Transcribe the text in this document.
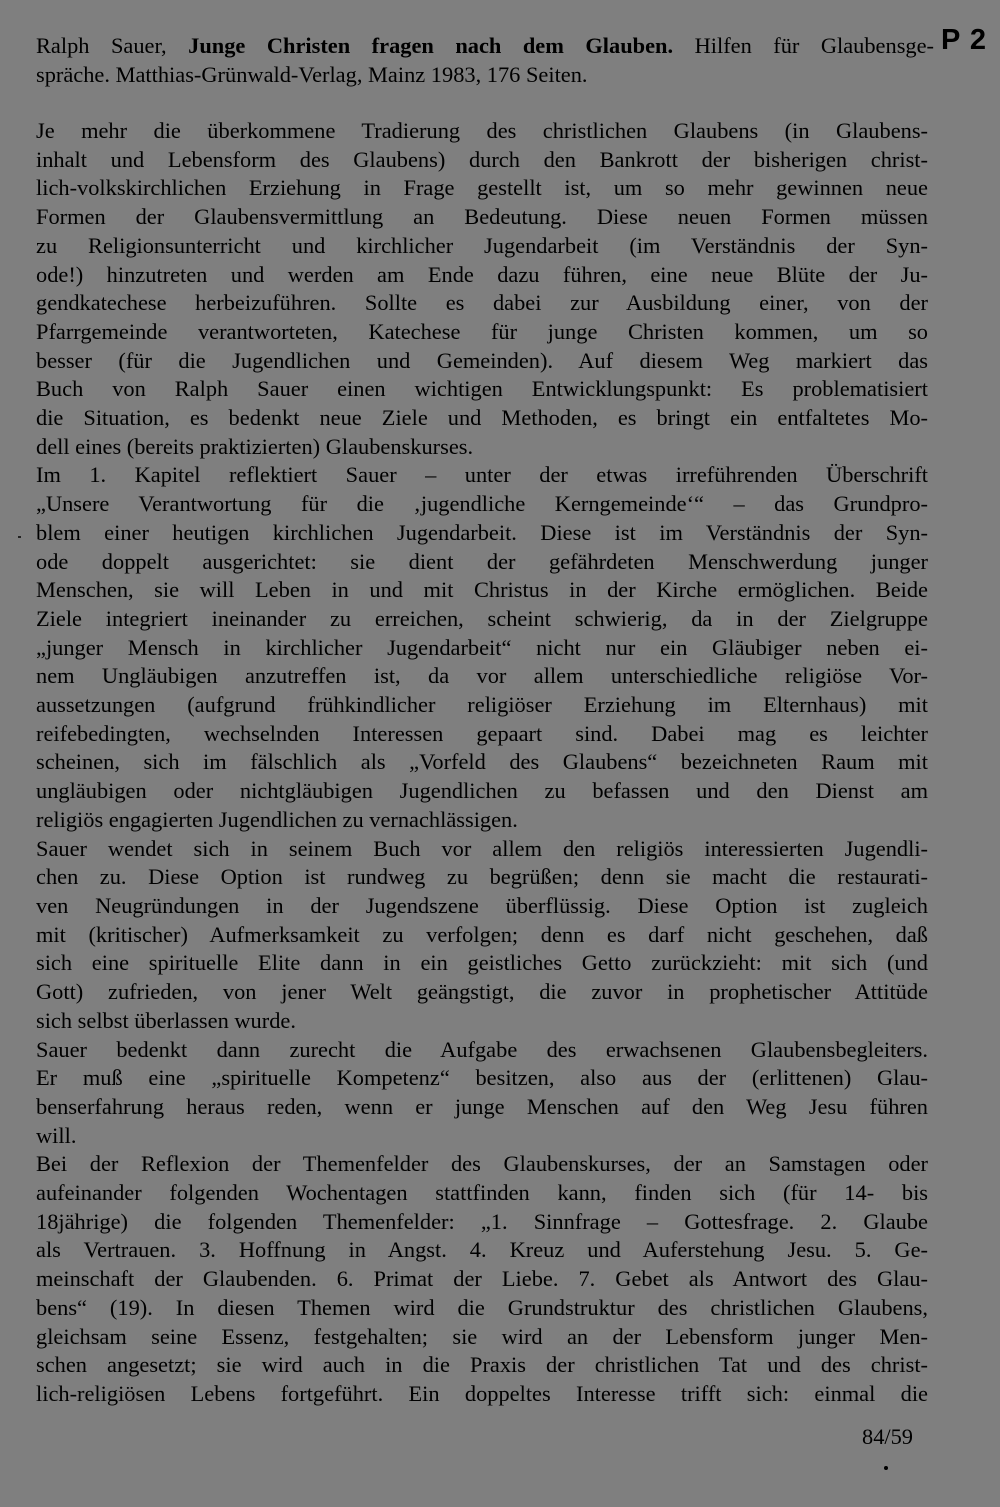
P 2
Ralph Sauer, Junge Christen fragen nach dem Glauben. Hilfen für Glaubensge-
spräche. Matthias-Grünwald-Verlag, Mainz 1983, 176 Seiten.
Je mehr die überkommene Tradierung des christlichen Glaubens (in Glaubens-
inhalt und Lebensform des Glaubens) durch den Bankrott der bisherigen christ-
lich-volkskirchlichen Erziehung in Frage gestellt ist, um so mehr gewinnen neue
Formen der Glaubensvermittlung an Bedeutung. Diese neuen Formen müssen
zu Religionsunterricht und kirchlicher Jugendarbeit (im Verständnis der Syn-
ode!) hinzutreten und werden am Ende dazu führen, eine neue Blüte der Ju-
gendkatechese herbeizuführen. Sollte es dabei zur Ausbildung einer, von der
Pfarrgemeinde verantworteten, Katechese für junge Christen kommen, um so
besser (für die Jugendlichen und Gemeinden). Auf diesem Weg markiert das
Buch von Ralph Sauer einen wichtigen Entwicklungspunkt: Es problematisiert
die Situation, es bedenkt neue Ziele und Methoden, es bringt ein entfaltetes Mo-
dell eines (bereits praktizierten) Glaubenskurses.
Im 1. Kapitel reflektiert Sauer – unter der etwas irreführenden Überschrift
„Unsere Verantwortung für die ‚jugendliche Kerngemeinde‘“ – das Grundpro-
blem einer heutigen kirchlichen Jugendarbeit. Diese ist im Verständnis der Syn-
ode doppelt ausgerichtet: sie dient der gefährdeten Menschwerdung junger
Menschen, sie will Leben in und mit Christus in der Kirche ermöglichen. Beide
Ziele integriert ineinander zu erreichen, scheint schwierig, da in der Zielgruppe
„junger Mensch in kirchlicher Jugendarbeit“ nicht nur ein Gläubiger neben ei-
nem Ungläubigen anzutreffen ist, da vor allem unterschiedliche religiöse Vor-
aussetzungen (aufgrund frühkindlicher religiöser Erziehung im Elternhaus) mit
reifebedingten, wechselnden Interessen gepaart sind. Dabei mag es leichter
scheinen, sich im fälschlich als „Vorfeld des Glaubens“ bezeichneten Raum mit
ungläubigen oder nichtgläubigen Jugendlichen zu befassen und den Dienst am
religiös engagierten Jugendlichen zu vernachlässigen.
Sauer wendet sich in seinem Buch vor allem den religiös interessierten Jugendli-
chen zu. Diese Option ist rundweg zu begrüßen; denn sie macht die restaurati-
ven Neugründungen in der Jugendszene überflüssig. Diese Option ist zugleich
mit (kritischer) Aufmerksamkeit zu verfolgen; denn es darf nicht geschehen, daß
sich eine spirituelle Elite dann in ein geistliches Getto zurückzieht: mit sich (und
Gott) zufrieden, von jener Welt geängstigt, die zuvor in prophetischer Attitüde
sich selbst überlassen wurde.
Sauer bedenkt dann zurecht die Aufgabe des erwachsenen Glaubensbegleiters.
Er muß eine „spirituelle Kompetenz“ besitzen, also aus der (erlittenen) Glau-
benserfahrung heraus reden, wenn er junge Menschen auf den Weg Jesu führen
will.
Bei der Reflexion der Themenfelder des Glaubenskurses, der an Samstagen oder
aufeinander folgenden Wochentagen stattfinden kann, finden sich (für 14- bis
18jährige) die folgenden Themenfelder: „1. Sinnfrage – Gottesfrage. 2. Glaube
als Vertrauen. 3. Hoffnung in Angst. 4. Kreuz und Auferstehung Jesu. 5. Ge-
meinschaft der Glaubenden. 6. Primat der Liebe. 7. Gebet als Antwort des Glau-
bens“ (19). In diesen Themen wird die Grundstruktur des christlichen Glaubens,
gleichsam seine Essenz, festgehalten; sie wird an der Lebensform junger Men-
schen angesetzt; sie wird auch in die Praxis der christlichen Tat und des christ-
lich-religiösen Lebens fortgeführt. Ein doppeltes Interesse trifft sich: einmal die
84/59
